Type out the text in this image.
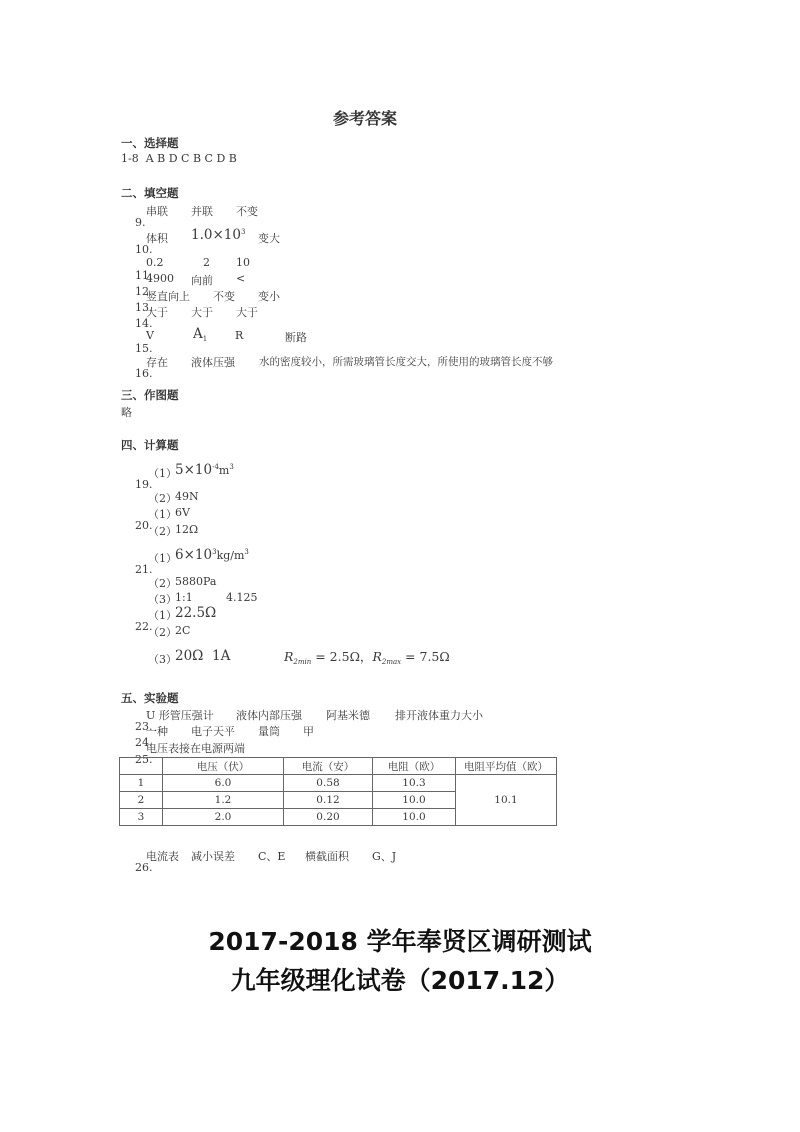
参考答案
一、选择题
1-8  A B D C B C D B
二、填空题

9.

串联 并联 不变

10.

体积 $1.0\times 10^3$ 变大

11.

0.2	2 10

12.

4900 向前 <

13.

竖直向上 不变 变小

14.

大于 大于 大于

15.

V	$A_1$	R	断路

16.

存在 液体压强 水的密度较小，所需玻璃管长度交大，所使用的玻璃管长度不够
三、作图题
略
四、计算题

19.

（1）
$5\times 10^{-4}m^3$
（2）
49N

20.

（1）
6V
（2）
12Ω

21.

（1）
$6\times 10^3kg/m^3$
（2）
5880Pa
（3）
1:1	4.125

22.

（1）
22.5Ω
（2）
2C
（3）
20Ω 1A	$R_{2min} = 2.5\Omega$，$R_{2max} = 7.5\Omega$
五、实验题

23.

U 形管压强计 液体内部压强 阿基米德 排开液体重力大小

24.

一种 电子天平 量筒 甲

25.

电压表接在电源两端
	电压（伏）	电流（安）	电阻（欧）	电阻平均值（欧）
1	6.0	0.58	10.3	10.1
2	1.2	0.12	10.0	
3	2.0	0.20	10.0	

26.

电流表 减小误差 C、E 横截面积 G、J
2017-2018 学年奉贤区调研测试
九年级理化试卷（2017.12）
